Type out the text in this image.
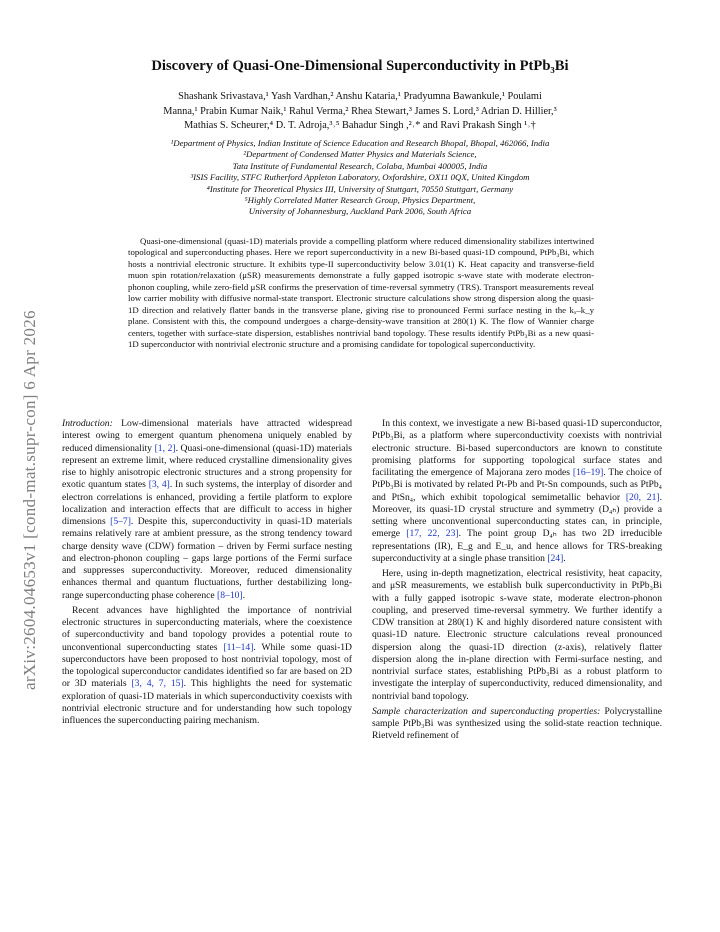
arXiv:2604.04653v1 [cond-mat.supr-con] 6 Apr 2026
Discovery of Quasi-One-Dimensional Superconductivity in PtPb₃Bi
Shashank Srivastava,¹ Yash Vardhan,² Anshu Kataria,¹ Pradyumna Bawankule,¹ Poulami
Manna,¹ Prabin Kumar Naik,¹ Rahul Verma,² Rhea Stewart,³ James S. Lord,³ Adrian D. Hillier,³
Mathias S. Scheurer,⁴ D. T. Adroja,³˒⁵ Bahadur Singh ,²˒* and Ravi Prakash Singh ¹˒†
¹Department of Physics, Indian Institute of Science Education and Research Bhopal, Bhopal, 462066, India
²Department of Condensed Matter Physics and Materials Science,
Tata Institute of Fundamental Research, Colaba, Mumbai 400005, India
³ISIS Facility, STFC Rutherford Appleton Laboratory, Oxfordshire, OX11 0QX, United Kingdom
⁴Institute for Theoretical Physics III, University of Stuttgart, 70550 Stuttgart, Germany
⁵Highly Correlated Matter Research Group, Physics Department,
University of Johannesburg, Auckland Park 2006, South Africa
Quasi-one-dimensional (quasi-1D) materials provide a compelling platform where reduced dimensionality stabilizes intertwined topological and superconducting phases. Here we report superconductivity in a new Bi-based quasi-1D compound, PtPb₃Bi, which hosts a nontrivial electronic structure. It exhibits type-II superconductivity below 3.01(1) K. Heat capacity and transverse-field muon spin rotation/relaxation (μSR) measurements demonstrate a fully gapped isotropic s-wave state with moderate electron-phonon coupling, while zero-field μSR confirms the preservation of time-reversal symmetry (TRS). Transport measurements reveal low carrier mobility with diffusive normal-state transport. Electronic structure calculations show strong dispersion along the quasi-1D direction and relatively flatter bands in the transverse plane, giving rise to pronounced Fermi surface nesting in the kₓ–k_y plane. Consistent with this, the compound undergoes a charge-density-wave transition at 280(1) K. The flow of Wannier charge centers, together with surface-state dispersion, establishes nontrivial band topology. These results identify PtPb₃Bi as a new quasi-1D superconductor with nontrivial electronic structure and a promising candidate for topological superconductivity.

Introduction: Low-dimensional materials have attracted widespread interest owing to emergent quantum phenomena uniquely enabled by reduced dimensionality [1, 2]. Quasi-one-dimensional (quasi-1D) materials represent an extreme limit, where reduced crystalline dimensionality gives rise to highly anisotropic electronic structures and a strong propensity for exotic quantum states [3, 4]. In such systems, the interplay of disorder and electron correlations is enhanced, providing a fertile platform to explore localization and interaction effects that are difficult to access in higher dimensions [5–7]. Despite this, superconductivity in quasi-1D materials remains relatively rare at ambient pressure, as the strong tendency toward charge density wave (CDW) formation – driven by Fermi surface nesting and electron-phonon coupling – gaps large portions of the Fermi surface and suppresses superconductivity. Moreover, reduced dimensionality enhances thermal and quantum fluctuations, further destabilizing long-range superconducting phase coherence [8–10].

Recent advances have highlighted the importance of nontrivial electronic structures in superconducting materials, where the coexistence of superconductivity and band topology provides a potential route to unconventional superconducting states [11–14]. While some quasi-1D superconductors have been proposed to host nontrivial topology, most of the topological superconductor candidates identified so far are based on 2D or 3D materials [3, 4, 7, 15]. This highlights the need for systematic exploration of quasi-1D materials in which superconductivity coexists with nontrivial electronic structure and for understanding how such topology influences the superconducting pairing mechanism.

In this context, we investigate a new Bi-based quasi-1D superconductor, PtPb₃Bi, as a platform where superconductivity coexists with nontrivial electronic structure. Bi-based superconductors are known to constitute promising platforms for supporting topological surface states and facilitating the emergence of Majorana zero modes [16–19]. The choice of PtPb₃Bi is motivated by related Pt-Pb and Pt-Sn compounds, such as PtPb₄ and PtSn₄, which exhibit topological semimetallic behavior [20, 21]. Moreover, its quasi-1D crystal structure and symmetry (D₄ₕ) provide a setting where unconventional superconducting states can, in principle, emerge [17, 22, 23]. The point group D₄ₕ has two 2D irreducible representations (IR), E_g and E_u, and hence allows for TRS-breaking superconductivity at a single phase transition [24].

Here, using in-depth magnetization, electrical resistivity, heat capacity, and μSR measurements, we establish bulk superconductivity in PtPb₃Bi with a fully gapped isotropic s-wave state, moderate electron-phonon coupling, and preserved time-reversal symmetry. We further identify a CDW transition at 280(1) K and highly disordered nature consistent with quasi-1D nature. Electronic structure calculations reveal pronounced dispersion along the quasi-1D direction (z-axis), relatively flatter dispersion along the in-plane direction with Fermi-surface nesting, and nontrivial surface states, establishing PtPb₃Bi as a robust platform to investigate the interplay of superconductivity, reduced dimensionality, and nontrivial band topology.

Sample characterization and superconducting properties: Polycrystalline sample PtPb₃Bi was synthesized using the solid-state reaction technique. Rietveld refinement of
